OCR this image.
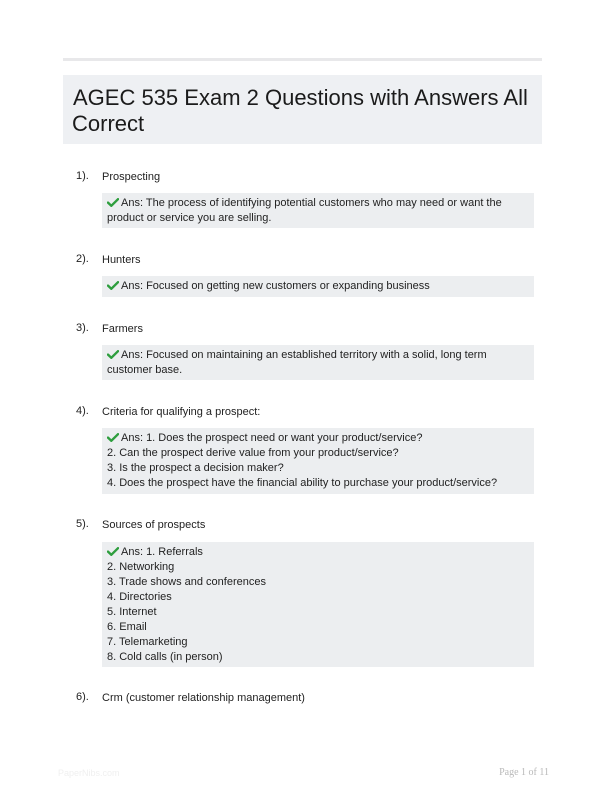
AGEC 535 Exam 2 Questions with Answers All Correct
1). Prospecting
Ans: The process of identifying potential customers who may need or want the product or service you are selling.
2). Hunters
Ans: Focused on getting new customers or expanding business
3). Farmers
Ans: Focused on maintaining an established territory with a solid, long term customer base.
4). Criteria for qualifying a prospect:
Ans: 1. Does the prospect need or want your product/service?
2. Can the prospect derive value from your product/service?
3. Is the prospect a decision maker?
4. Does the prospect have the financial ability to purchase your product/service?
5). Sources of prospects
Ans: 1. Referrals
2. Networking
3. Trade shows and conferences
4. Directories
5. Internet
6. Email
7. Telemarketing
8. Cold calls (in person)
6). Crm (customer relationship management)
PaperNibs.com	Page 1 of 11
